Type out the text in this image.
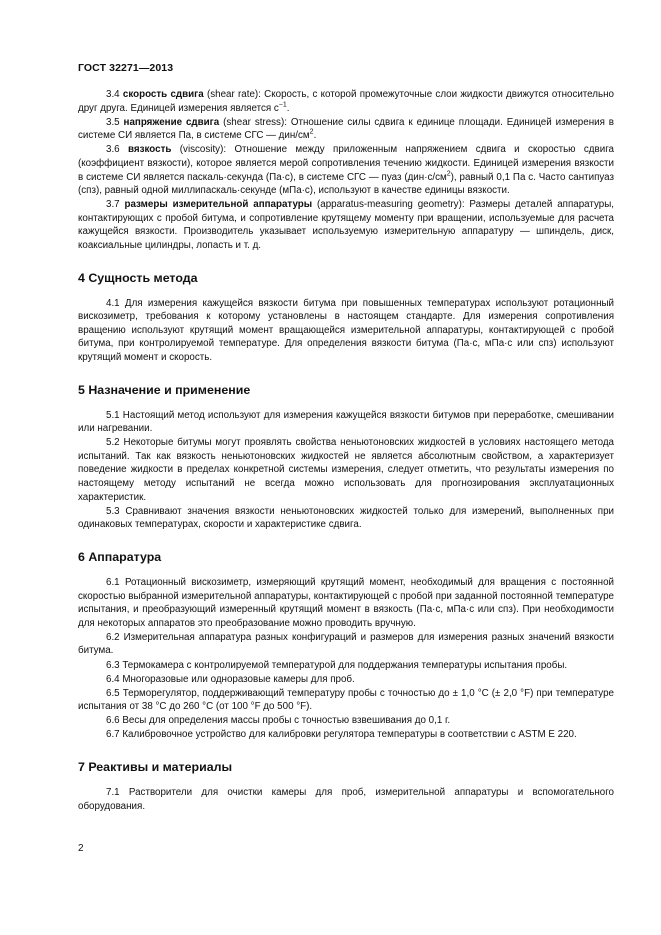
ГОСТ 32271—2013

3.4 скорость сдвига (shear rate): Скорость, с которой промежуточные слои жидкости движутся относительно друг друга. Единицей измерения является $с^{-1}$.

3.5 напряжение сдвига (shear stress): Отношение силы сдвига к единице площади. Единицей измерения в системе СИ является Па, в системе СГС — дин/$см^2$.

3.6 вязкость (viscosity): Отношение между приложенным напряжением сдвига и скоростью сдвига (коэффициент вязкости), которое является мерой сопротивления течению жидкости. Единицей измерения вязкости в системе СИ является паскаль·секунда (Па·с), в системе СГС — пуаз $(дин\cdot с/см^2)$, равный 0,1 Па с. Часто сантипуаз (спз), равный одной миллипаскаль·секунде (мПа·с), используют в качестве единицы вязкости.

3.7 размеры измерительной аппаратуры (apparatus-measuring geometry): Размеры деталей аппаратуры, контактирующих с пробой битума, и сопротивление крутящему моменту при вращении, используемые для расчета кажущейся вязкости. Производитель указывает используемую измерительную аппаратуру — шпиндель, диск, коаксиальные цилиндры, лопасть и т. д.

4 Сущность метода

4.1 Для измерения кажущейся вязкости битума при повышенных температурах используют ротационный вискозиметр, требования к которому установлены в настоящем стандарте. Для измерения сопротивления вращению используют крутящий момент вращающейся измерительной аппаратуры, контактирующей с пробой битума, при контролируемой температуре. Для определения вязкости битума (Па·с, мПа·с или спз) используют крутящий момент и скорость.

5 Назначение и применение

5.1 Настоящий метод используют для измерения кажущейся вязкости битумов при переработке, смешивании или нагревании.

5.2 Некоторые битумы могут проявлять свойства неньютоновских жидкостей в условиях настоящего метода испытаний. Так как вязкость неньютоновских жидкостей не является абсолютным свойством, а характеризует поведение жидкости в пределах конкретной системы измерения, следует отметить, что результаты измерения по настоящему методу испытаний не всегда можно использовать для прогнозирования эксплуатационных характеристик.

5.3 Сравнивают значения вязкости неньютоновских жидкостей только для измерений, выполненных при одинаковых температурах, скорости и характеристике сдвига.

6 Аппаратура

6.1 Ротационный вискозиметр, измеряющий крутящий момент, необходимый для вращения с постоянной скоростью выбранной измерительной аппаратуры, контактирующей с пробой при заданной постоянной температуре испытания, и преобразующий измеренный крутящий момент в вязкость (Па·с, мПа·с или спз). При необходимости для некоторых аппаратов это преобразование можно проводить вручную.

6.2 Измерительная аппаратура разных конфигураций и размеров для измерения разных значений вязкости битума.

6.3 Термокамера с контролируемой температурой для поддержания температуры испытания пробы.

6.4 Многоразовые или одноразовые камеры для проб.

6.5 Терморегулятор, поддерживающий температуру пробы с точностью до ± 1,0 °С (± 2,0 °F) при температуре испытания от 38 °С до 260 °С (от 100 °F до 500 °F).

6.6 Весы для определения массы пробы с точностью взвешивания до 0,1 г.

6.7 Калибровочное устройство для калибровки регулятора температуры в соответствии с ASTM E 220.

7 Реактивы и материалы

7.1 Растворители для очистки камеры для проб, измерительной аппаратуры и вспомогательного оборудования.

2
